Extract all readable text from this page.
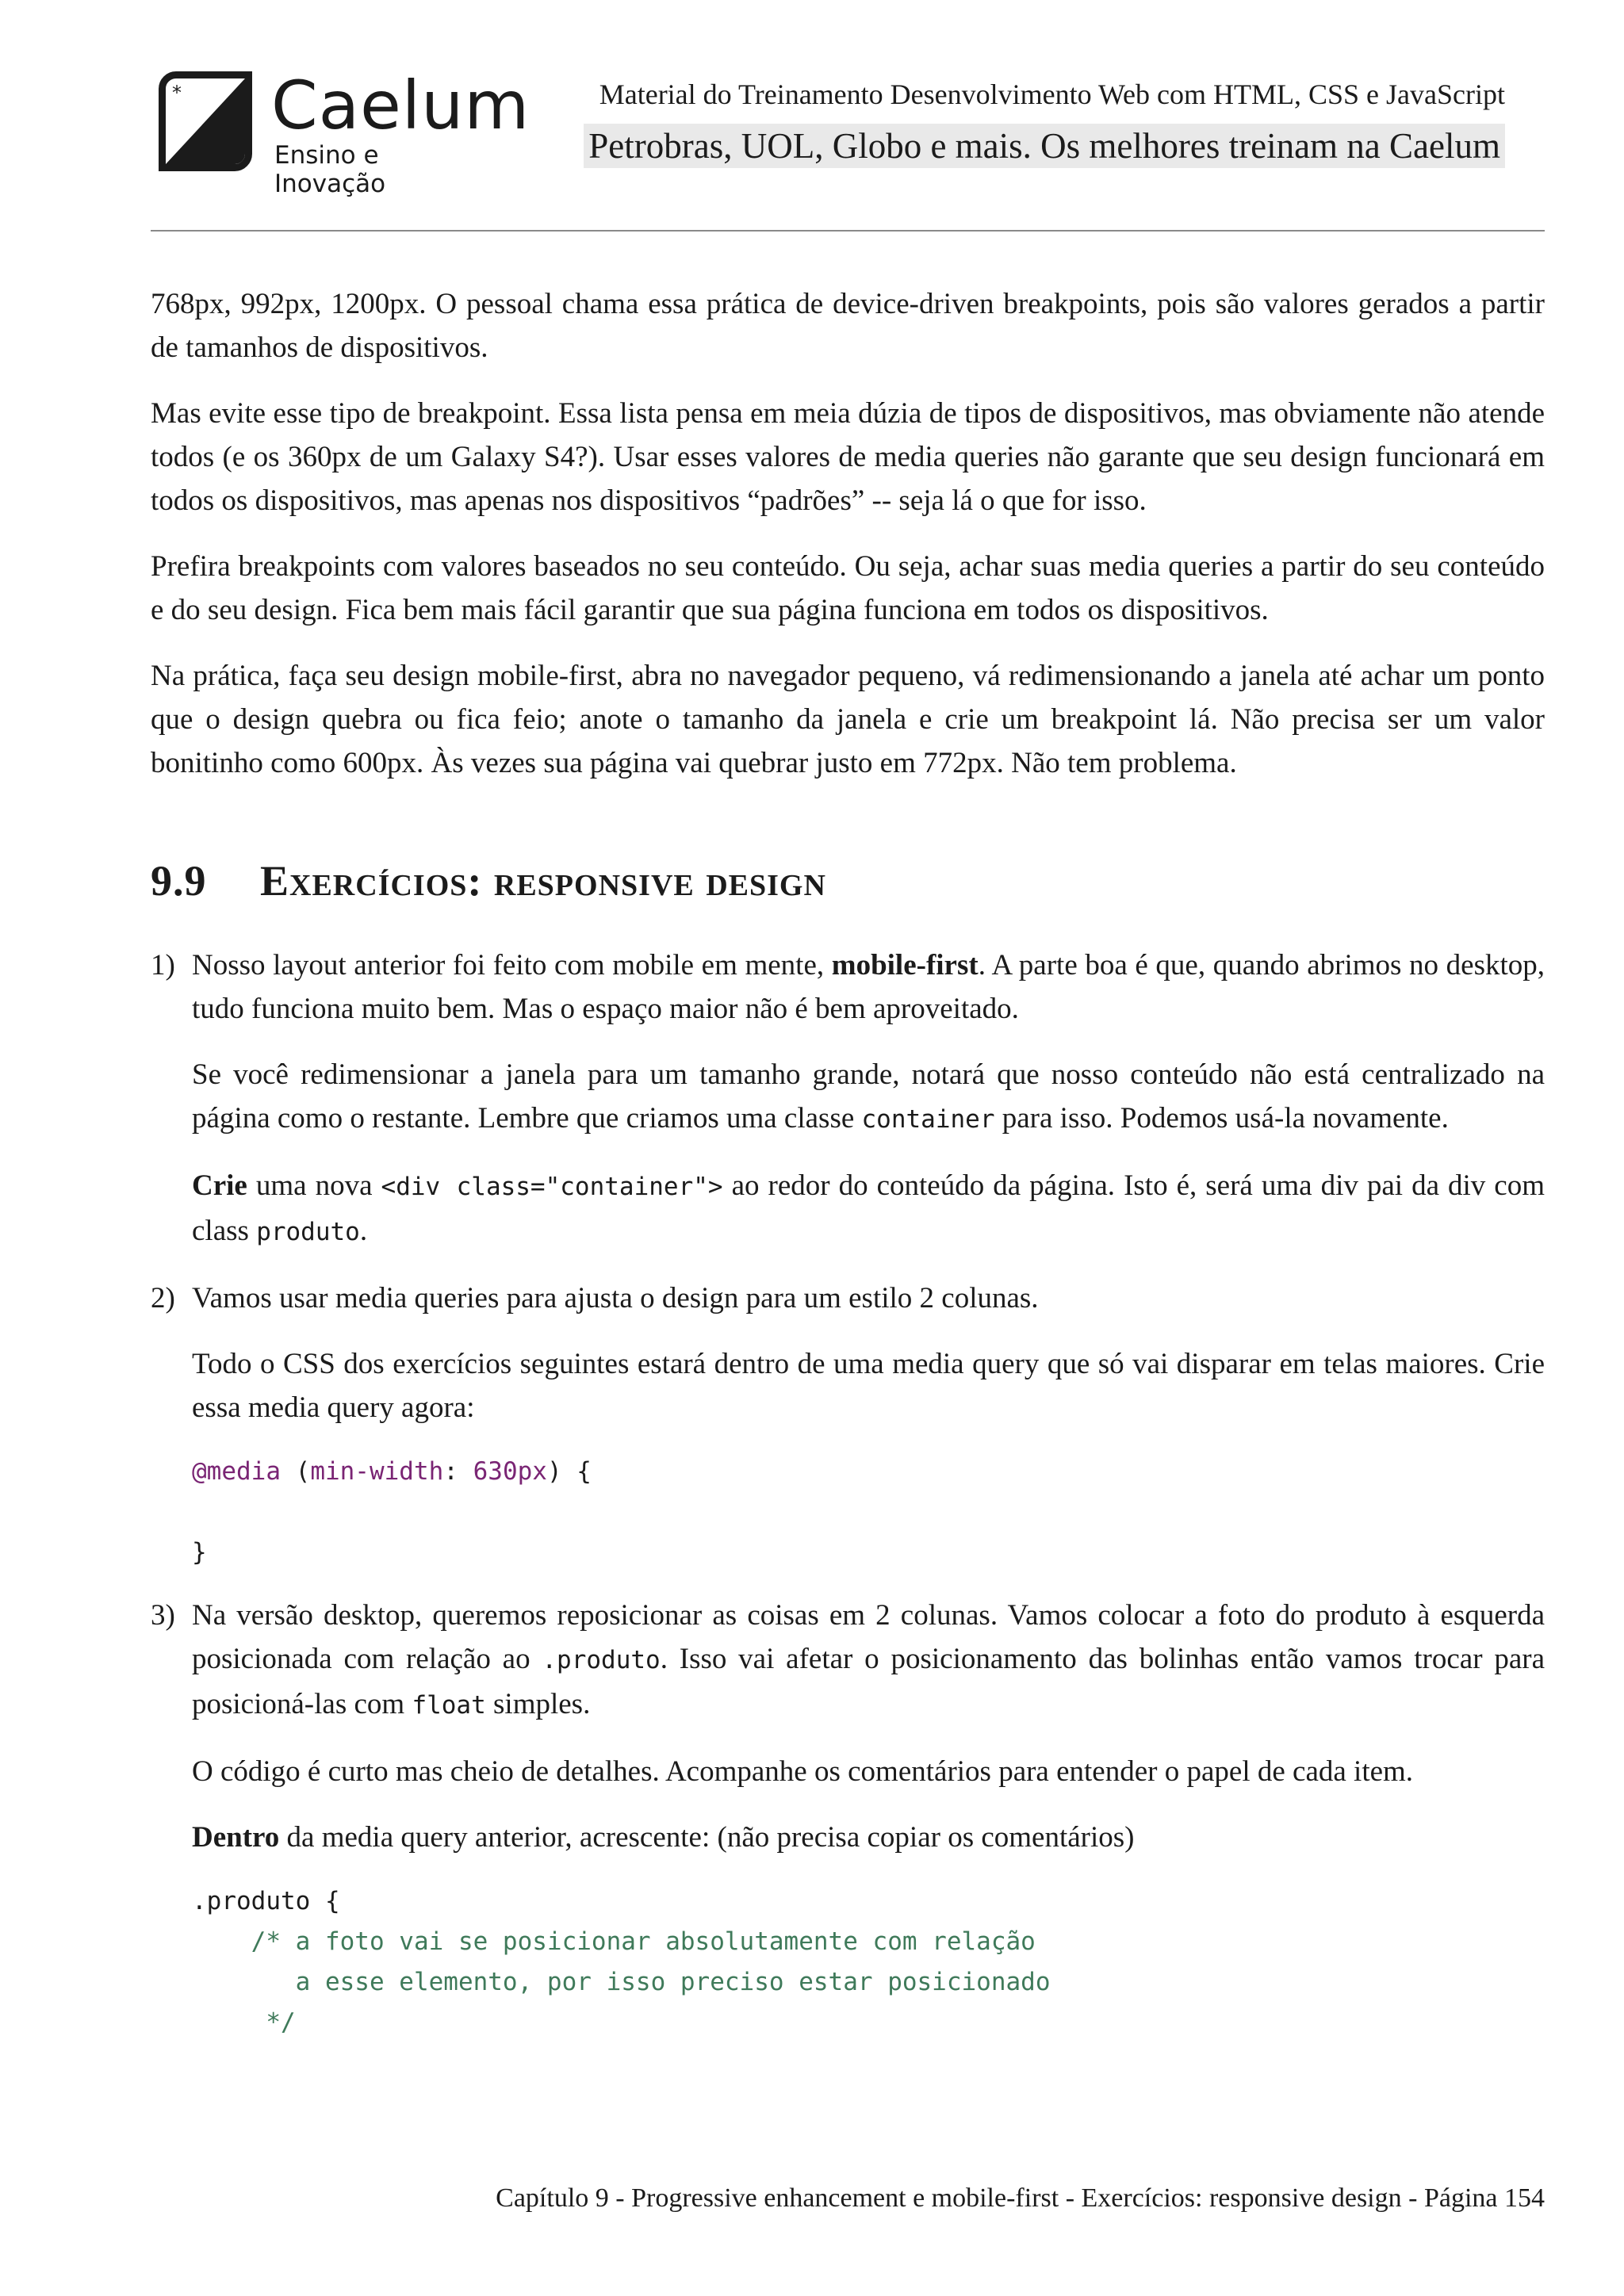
* Caelum
Ensino e Inovação
Material do Treinamento Desenvolvimento Web com HTML, CSS e JavaScript
Petrobras, UOL, Globo e mais. Os melhores treinam na Caelum

768px, 992px, 1200px. O pessoal chama essa prática de device-driven breakpoints, pois são valores gerados a partir de tamanhos de dispositivos.

Mas evite esse tipo de breakpoint. Essa lista pensa em meia dúzia de tipos de dispositivos, mas obviamente não atende todos (e os 360px de um Galaxy S4?). Usar esses valores de media queries não garante que seu design funcionará em todos os dispositivos, mas apenas nos dispositivos “padrões” -- seja lá o que for isso.

Prefira breakpoints com valores baseados no seu conteúdo. Ou seja, achar suas media queries a partir do seu conteúdo e do seu design. Fica bem mais fácil garantir que sua página funciona em todos os dispositivos.

Na prática, faça seu design mobile-first, abra no navegador pequeno, vá redimensionando a janela até achar um ponto que o design quebra ou fica feio; anote o tamanho da janela e crie um breakpoint lá. Não precisa ser um valor bonitinho como 600px. Às vezes sua página vai quebrar justo em 772px. Não tem problema.

9.9 Exercícios: responsive design
1) Nosso layout anterior foi feito com mobile em mente, mobile-first. A parte boa é que, quando abrimos no desktop, tudo funciona muito bem. Mas o espaço maior não é bem aproveitado.

Se você redimensionar a janela para um tamanho grande, notará que nosso conteúdo não está centralizado na página como o restante. Lembre que criamos uma classe container para isso. Podemos usá-la novamente.

Crie uma nova <div class="container"> ao redor do conteúdo da página. Isto é, será uma div pai da div com class produto.

2) Vamos usar media queries para ajusta o design para um estilo 2 colunas.

Todo o CSS dos exercícios seguintes estará dentro de uma media query que só vai disparar em telas maiores. Crie essa media query agora:

@media (min-width: 630px) {

}
3) Na versão desktop, queremos reposicionar as coisas em 2 colunas. Vamos colocar a foto do produto à esquerda posicionada com relação ao .produto. Isso vai afetar o posicionamento das bolinhas então vamos trocar para posicioná-las com float simples.

O código é curto mas cheio de detalhes. Acompanhe os comentários para entender o papel de cada item.

Dentro da media query anterior, acrescente: (não precisa copiar os comentários)

.produto {
/* a foto vai se posicionar absolutamente com relação
a esse elemento, por isso preciso estar posicionado
*/
Capítulo 9 - Progressive enhancement e mobile-first - Exercícios: responsive design - Página 154
